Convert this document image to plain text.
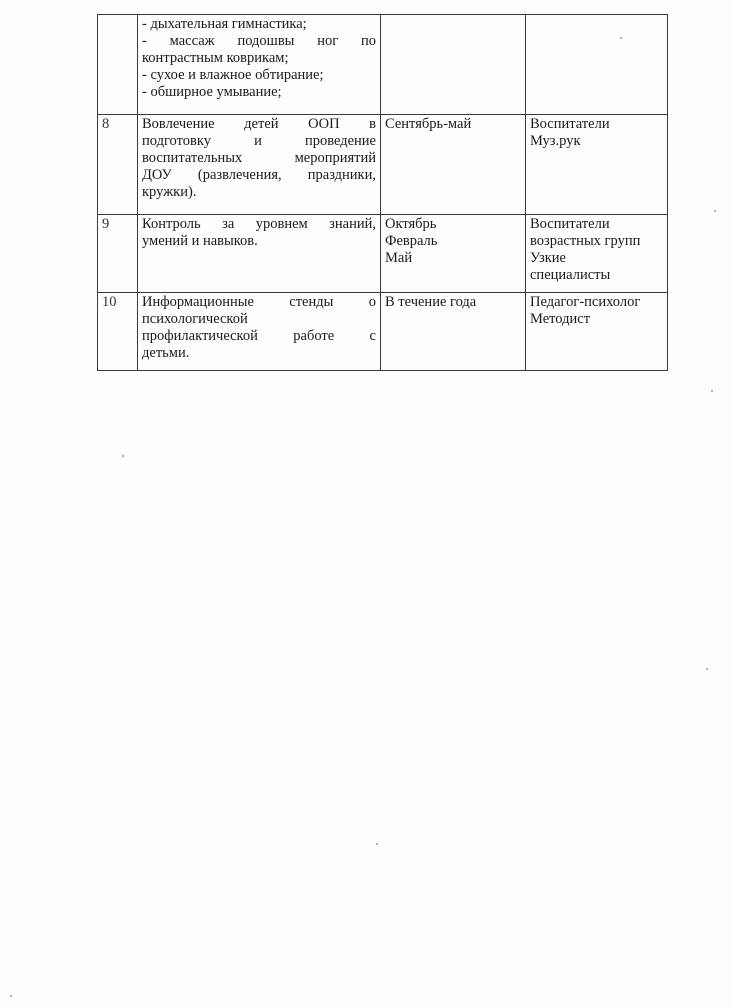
	- дыхательная гимнастика;
- массаж подошвы ног по
контрастным коврикам;
- сухое и влажное обтирание;
- обширное умывание;		

8	Вовлечение детей ООП в
подготовку и проведение
воспитательных мероприятий
ДОУ (развлечения, праздники,
кружки).	Сентябрь-май	Воспитатели
Муз.рук

9	Контроль за уровнем знаний,
умений и навыков.	Октябрь
Февраль
Май	Воспитатели
возрастных групп
Узкие
специалисты

10	Информационные стенды о
психологической
профилактической работе с
детьми.	В течение года	Педагог-психолог
Методист
